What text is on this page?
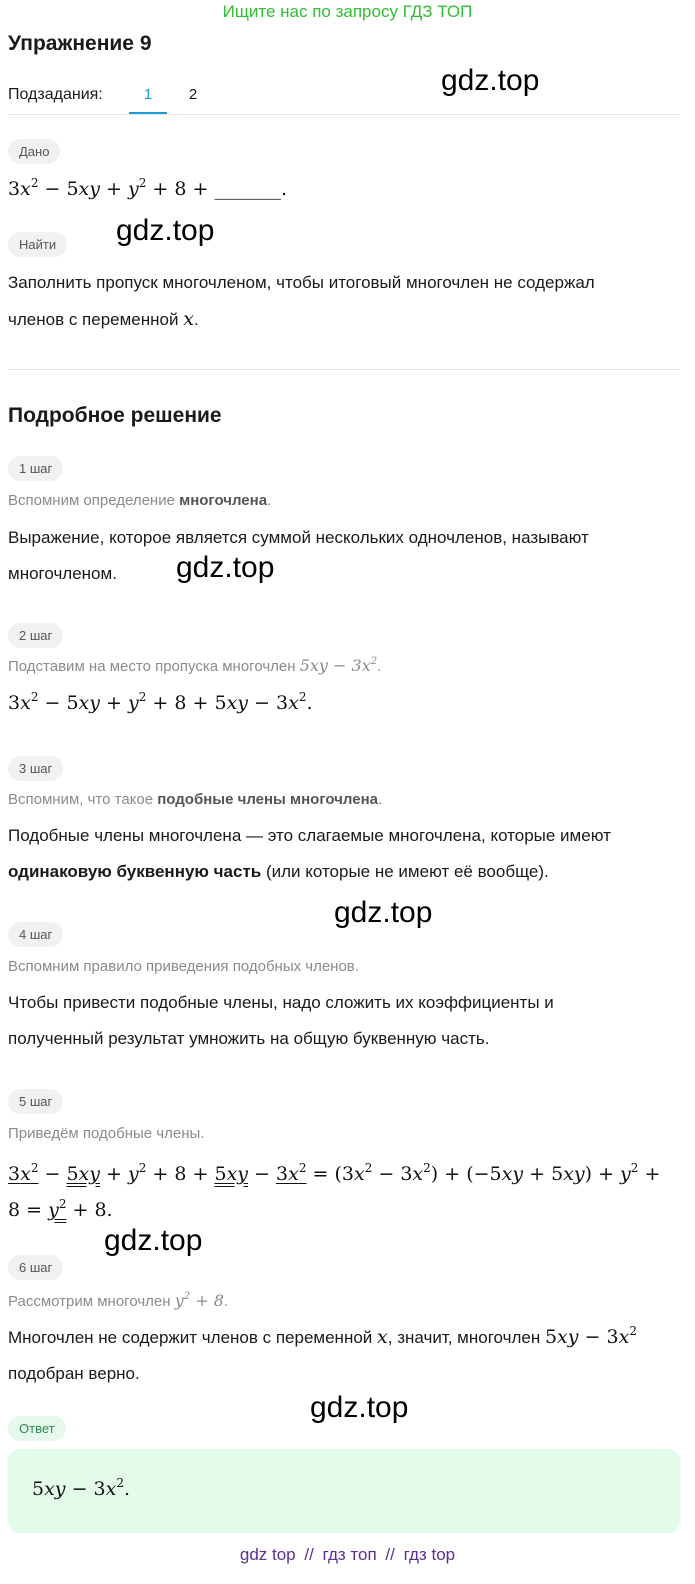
Ищите нас по запросу ГДЗ ТОП
Упражнение 9
Подзадания:	1	2	gdz.top
Дано
$3x^2 - 5xy + y^2 + 8$ + _______.
Найти	gdz.top
Заполнить пропуск многочленом, чтобы итоговый многочлен не содержал
членов с переменной x.
Подробное решение
1 шаг
Вспомним определение многочлена.
Выражение, которое является суммой нескольких одночленов, называют
многочленом.	gdz.top
2 шаг
Подставим на место пропуска многочлен $5xy - 3x^2$.
$3x^2 - 5xy + y^2 + 8 + 5xy - 3x^2$.
3 шаг
Вспомним, что такое подобные члены многочлена.
Подобные члены многочлена — это слагаемые многочлена, которые имеют
одинаковую буквенную часть (или которые не имеют её вообще).
gdz.top
4 шаг
Вспомним правило приведения подобных членов.
Чтобы привести подобные члены, надо сложить их коэффициенты и
полученный результат умножить на общую буквенную часть.
5 шаг
Приведём подобные члены.
$3x^2 - 5xy + y^2 + 8 + 5xy - 3x^2 = (3x^2 - 3x^2) + (-5xy + 5xy) + y^2$ +
$8 = y^2 + 8$.
gdz.top
6 шаг
Рассмотрим многочлен $y^2 + 8$.
Многочлен не содержит членов с переменной x, значит, многочлен $5xy - 3x^2$
подобран верно.
gdz.top
Ответ
$5xy - 3x^2$.
gdz top // гдз топ // гдз top
